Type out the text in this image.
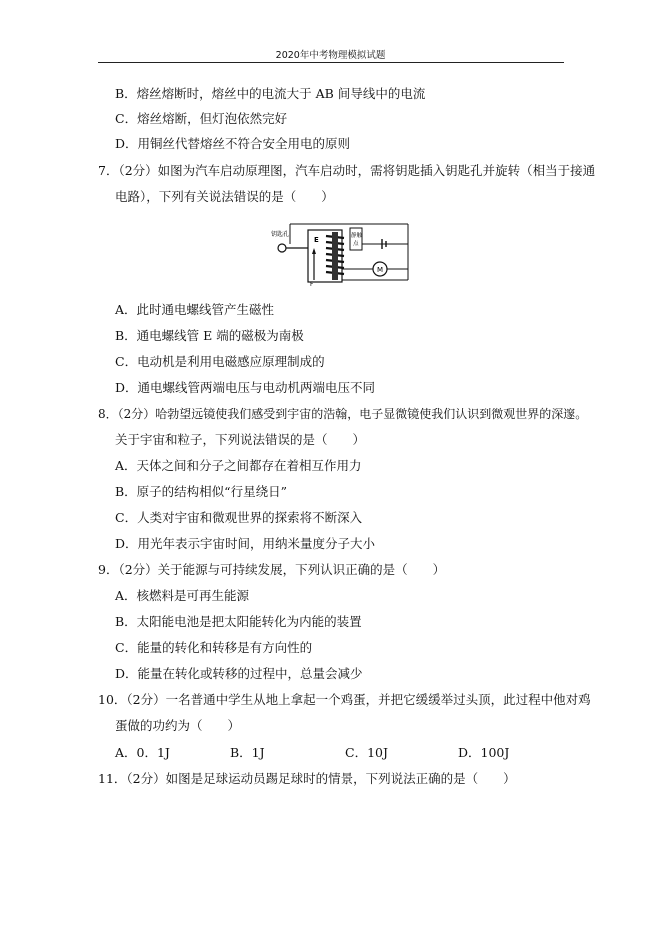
2020年中考物理模拟试题
B．熔丝熔断时，熔丝中的电流大于 AB 间导线中的电流
C．熔丝熔断，但灯泡依然完好
D．用铜丝代替熔丝不符合安全用电的原则
7．（2分）如图为汽车启动原理图，汽车启动时，需将钥匙插入钥匙孔并旋转（相当于接通
电路），下列有关说法错误的是（　　）
钥匙孔
E
F
静触
点
M
A．此时通电螺线管产生磁性
B．通电螺线管 E 端的磁极为南极
C．电动机是利用电磁感应原理制成的
D．通电螺线管两端电压与电动机两端电压不同
8．（2分）哈勃望远镜使我们感受到宇宙的浩翰，电子显微镜使我们认识到微观世界的深邃。
关于宇宙和粒子，下列说法错误的是（　　）
A．天体之间和分子之间都存在着相互作用力
B．原子的结构相似“行星绕日”
C．人类对宇宙和微观世界的探索将不断深入
D．用光年表示宇宙时间，用纳米量度分子大小
9．（2分）关于能源与可持续发展，下列认识正确的是（　　）
A．核燃料是可再生能源
B．太阳能电池是把太阳能转化为内能的装置
C．能量的转化和转移是有方向性的
D．能量在转化或转移的过程中，总量会减少
10．（2分）一名普通中学生从地上拿起一个鸡蛋，并把它缓缓举过头顶，此过程中他对鸡
蛋做的功约为（　　）
A．0．1J	B．1J	C．10J	D．100J
11．（2分）如图是足球运动员踢足球时的情景，下列说法正确的是（　　）
